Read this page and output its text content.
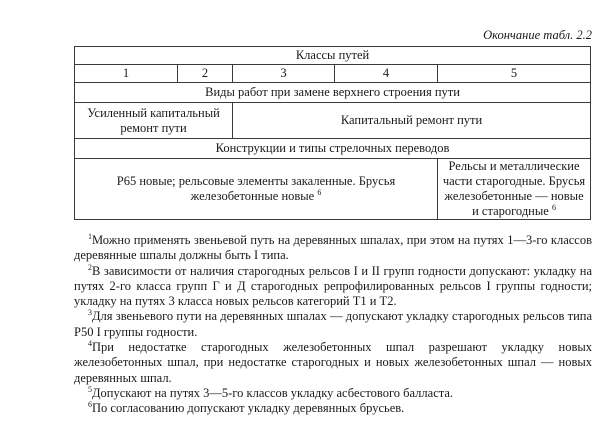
Окончание табл. 2.2
Классы путей				
1	2	3	4	5
Виды работ при замене верхнего строения пути				
Усиленный капитальный ремонт пути		Капитальный ремонт пути		
Конструкции и типы стрелочных переводов				
Р65 новые; рельсовые элементы закаленные. Брусья железобетонные новые $^6$				Рельсы и металлические части старогодные. Брусья железобетонные — новые и старогодные $^6$

$^1$Можно применять звеньевой путь на деревянных шпалах, при этом на путях 1—3-го классов деревянные шпалы должны быть I типа.

$^2$В зависимости от наличия старогодных рельсов I и II групп годности допускают: укладку на путях 2-го класса групп Г и Д старогодных репрофилированных рельсов I группы годности; укладку на путях 3 класса новых рельсов категорий Т1 и Т2.

$^3$Для звеньевого пути на деревянных шпалах — допускают укладку старогодных рельсов типа Р50 I группы годности.

$^4$При недостатке старогодных железобетонных шпал разрешают укладку новых железобетонных шпал, при недостатке старогодных и новых железобетонных шпал — новых деревянных шпал.

$^5$Допускают на путях 3—5-го классов укладку асбестового балласта.

$^6$По согласованию допускают укладку деревянных брусьев.
